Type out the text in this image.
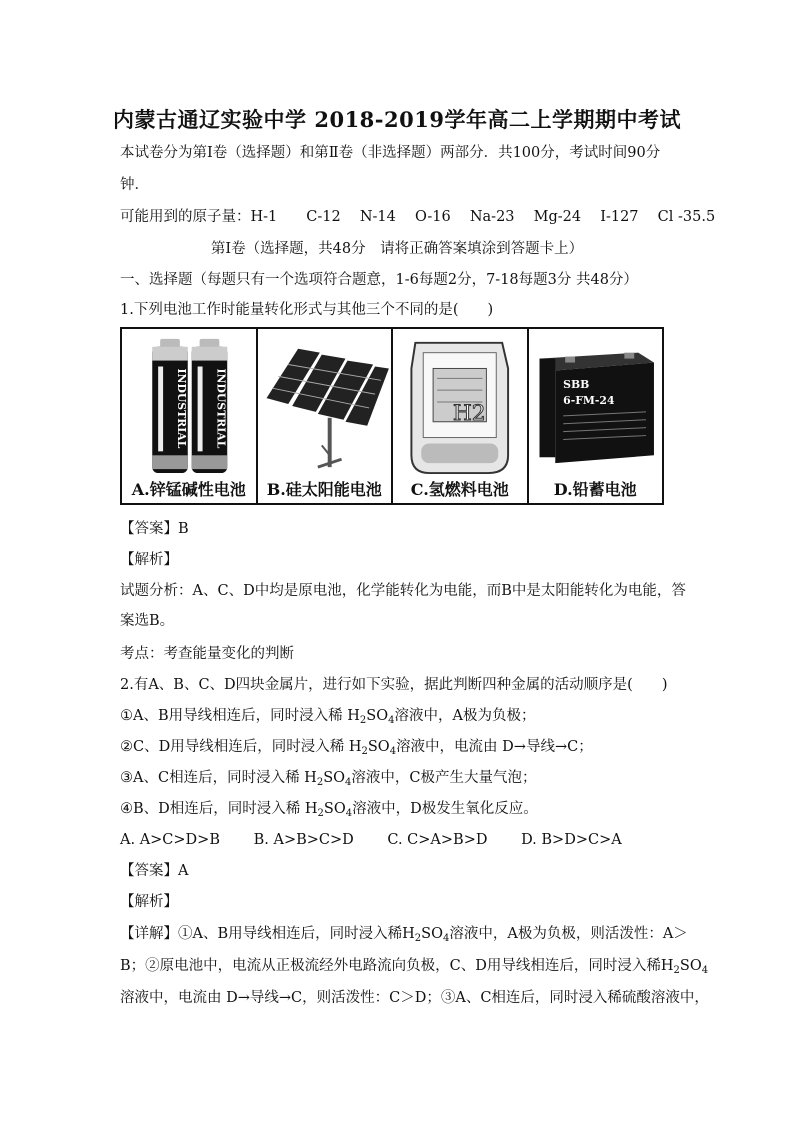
内蒙古通辽实验中学 2018-2019学年高二上学期期中考试
本试卷分为第Ⅰ卷（选择题）和第Ⅱ卷（非选择题）两部分．共100分，考试时间90分
钟．
可能用到的原子量：H-1　　C-12　 N-14　 O-16　 Na-23　 Mg-24　 I-127　 Cl -35.5
第Ⅰ卷（选择题，共48分　请将正确答案填涂到答题卡上）
一、选择题（每题只有一个选项符合题意，1-6每题2分，7-18每题3分 共48分）
1.下列电池工作时能量转化形式与其他三个不同的是(　　)
INDUSTRIAL INDUSTRIAL
A.锌锰碱性电池	B.硅太阳能电池
H2
C.氢燃料电池
SBB
6-FM-24
D.铅蓄电池
【答案】B
【解析】
试题分析：A、C、D中均是原电池，化学能转化为电能，而B中是太阳能转化为电能，答
案选B。
考点：考查能量变化的判断
2.有A、B、C、D四块金属片，进行如下实验，据此判断四种金属的活动顺序是(　　)
①A、B用导线相连后，同时浸入稀 $H_2SO_4$溶液中，A极为负极；
②C、D用导线相连后，同时浸入稀 $H_2SO_4$溶液中，电流由 D→导线→C；
③A、C相连后，同时浸入稀 $H_2SO_4$溶液中，C极产生大量气泡；
④B、D相连后，同时浸入稀 $H_2SO_4$溶液中，D极发生氧化反应。
A. A>C>D>B　　 B. A>B>C>D　　 C. C>A>B>D　　 D. B>D>C>A
【答案】A
【解析】
【详解】①A、B用导线相连后，同时浸入稀$H_2SO_4$溶液中，A极为负极，则活泼性：A＞
B；②原电池中，电流从正极流经外电路流向负极，C、D用导线相连后，同时浸入稀$H_2SO_4$
溶液中，电流由 D→导线→C，则活泼性：C＞D；③A、C相连后，同时浸入稀硫酸溶液中，
